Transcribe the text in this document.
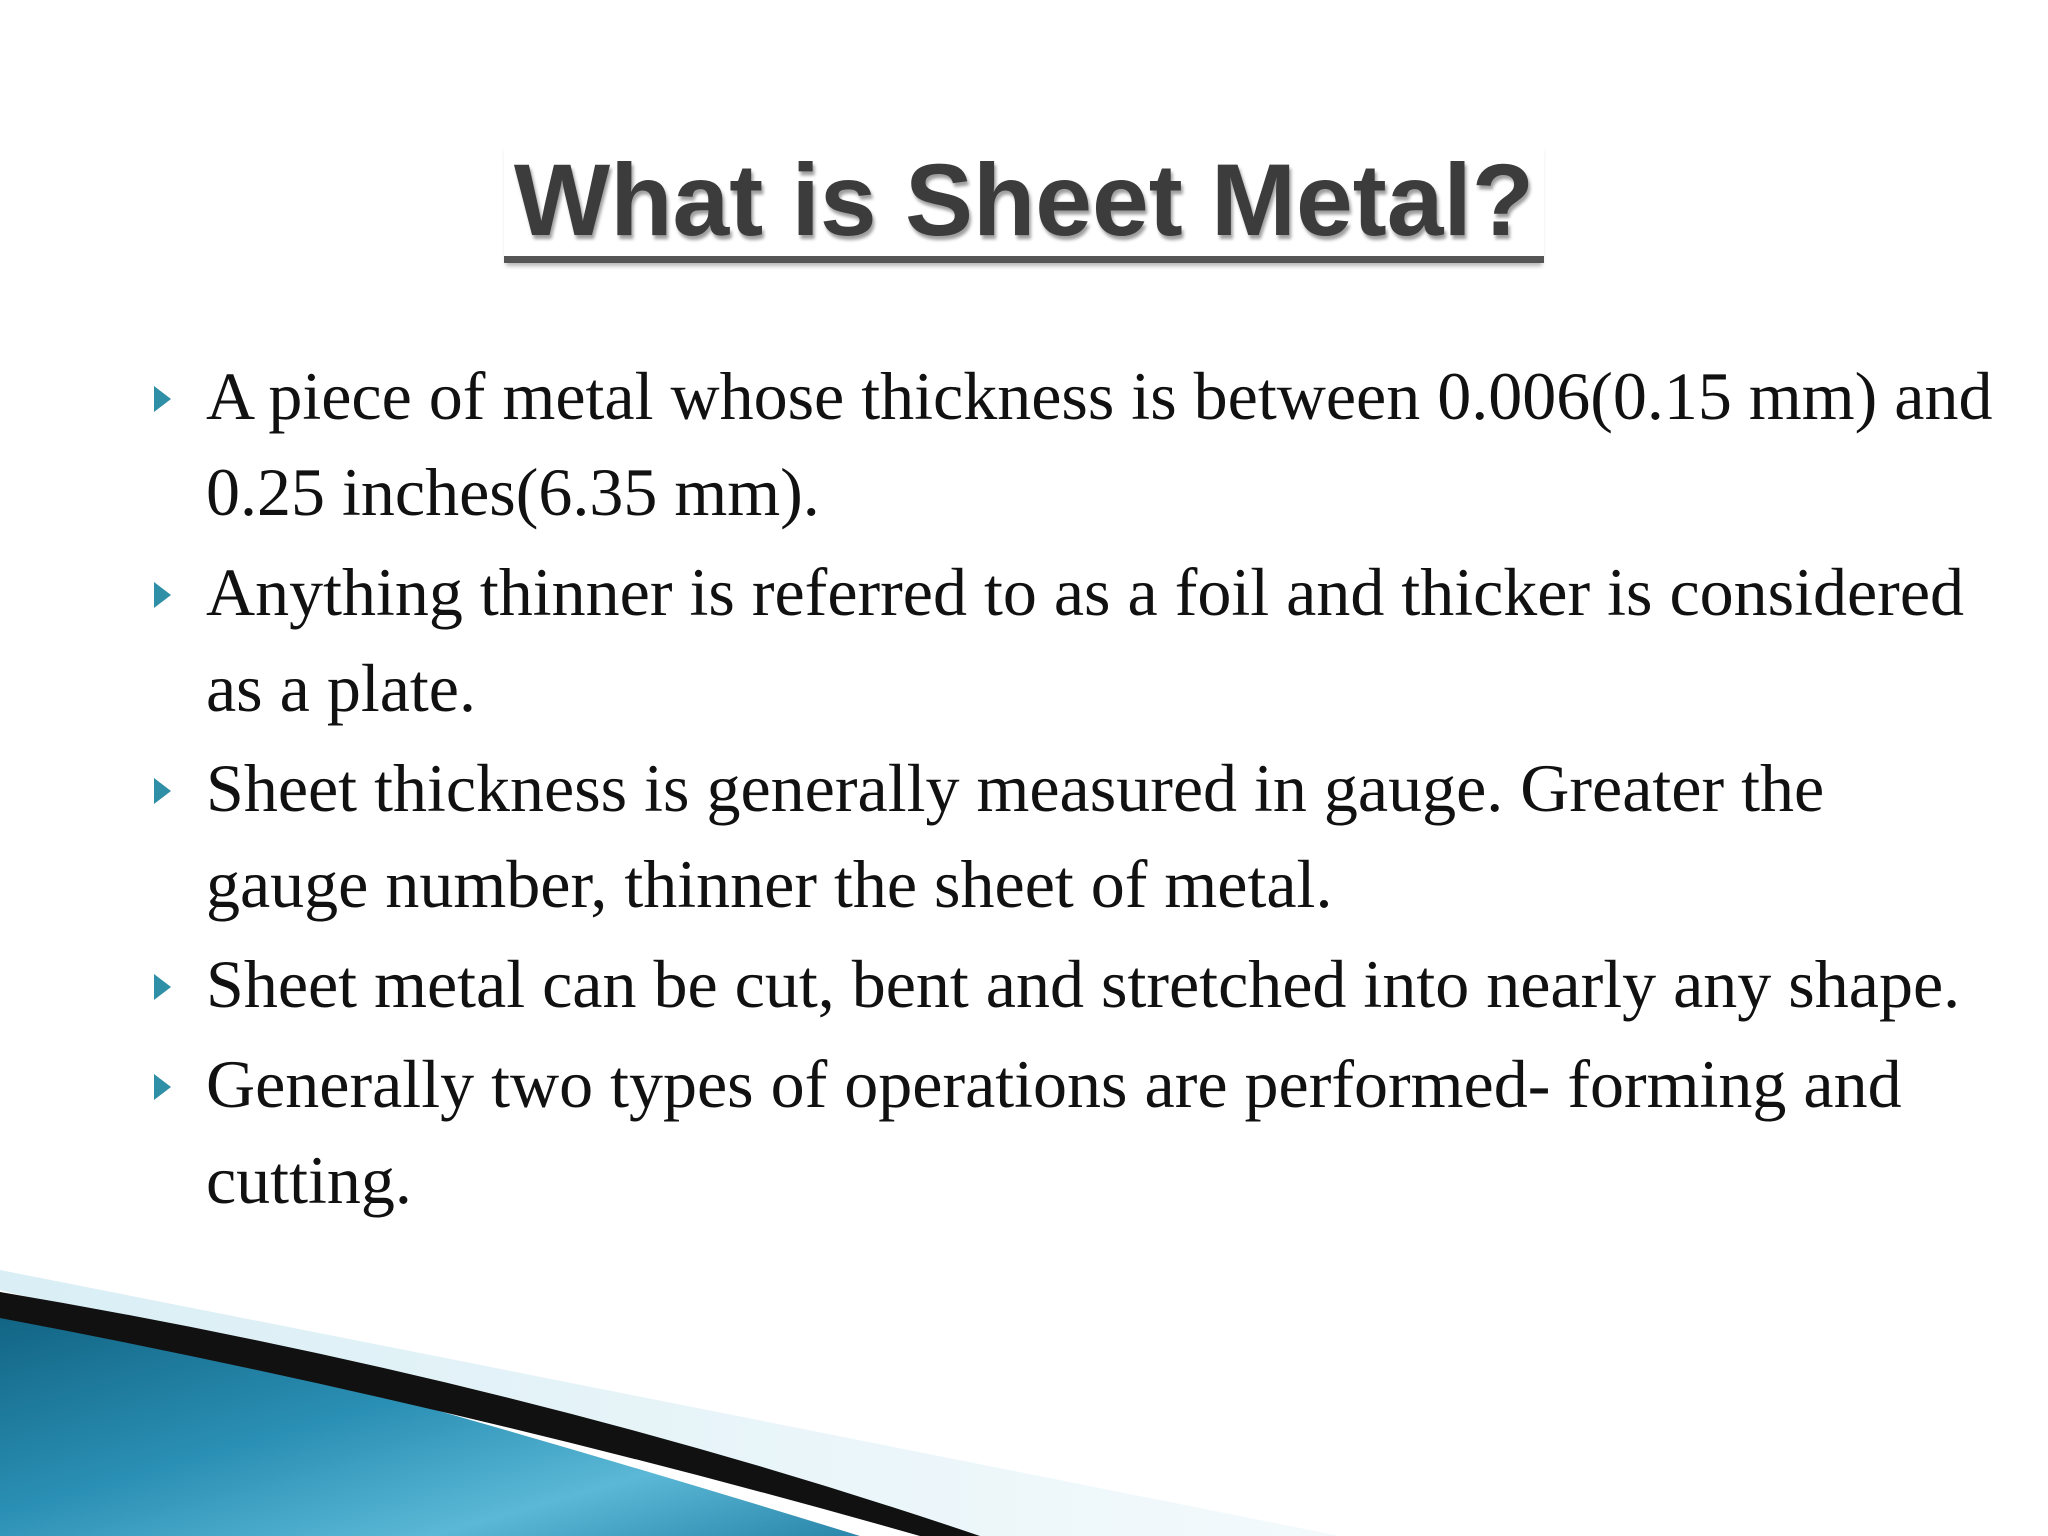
What is Sheet Metal?
A piece of metal whose thickness is between 0.006(0.15 mm) and 0.25 inches(6.35 mm).
Anything thinner is referred to as a foil and thicker is considered as a plate.
Sheet thickness is generally measured in gauge. Greater the gauge number, thinner the sheet of metal.
Sheet metal can be cut, bent and stretched into nearly any shape.
Generally two types of operations are performed- forming and cutting.
